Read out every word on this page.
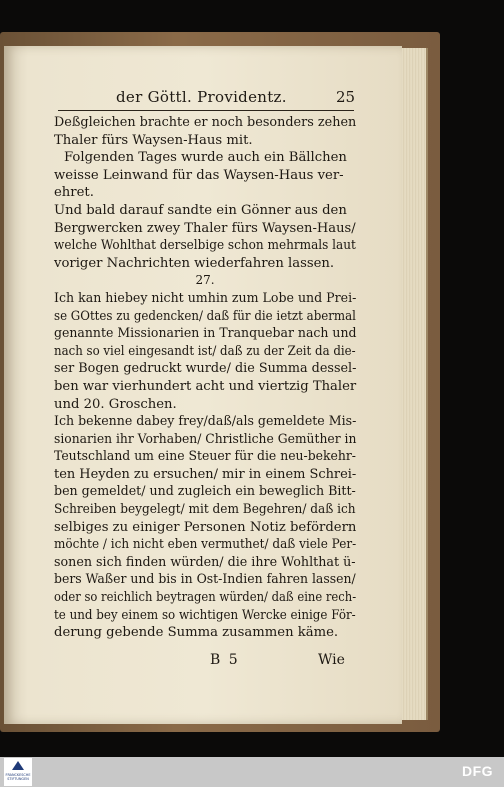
der Göttl. Providentz.	25
Deßgleichen brachte er noch besonders zehen
Thaler fürs Waysen-Haus mit.
Folgenden Tages wurde auch ein Bällchen
weisse Leinwand für das Waysen-Haus ver-
ehret.
Und bald darauf sandte ein Gönner aus den
Bergwercken zwey Thaler fürs Waysen-Haus/
welche Wohlthat derselbige schon mehrmals laut
voriger Nachrichten wiederfahren lassen.
27.
Ich kan hiebey nicht umhin zum Lobe und Prei-
se GOttes zu gedencken/ daß für die ietzt abermal
genannte Missionarien in Tranquebar nach und
nach so viel eingesandt ist/ daß zu der Zeit da die-
ser Bogen gedruckt wurde/ die Summa dessel-
ben war vierhundert acht und viertzig Thaler
und 20. Groschen.
Ich bekenne dabey frey/daß/als gemeldete Mis-
sionarien ihr Vorhaben/ Christliche Gemüther in
Teutschland um eine Steuer für die neu-bekehr-
ten Heyden zu ersuchen/ mir in einem Schrei-
ben gemeldet/ und zugleich ein beweglich Bitt-
Schreiben beygelegt/ mit dem Begehren/ daß ich
selbiges zu einiger Personen Notiz befördern
möchte / ich nicht eben vermuthet/ daß viele Per-
sonen sich finden würden/ die ihre Wohlthat ü-
bers Waßer und bis in Ost-Indien fahren lassen/
oder so reichlich beytragen würden/ daß eine rech-
te und bey einem so wichtigen Wercke einige För-
derung gebende Summa zusammen käme.
B 5	Wie
FRANCKESCHE STIFTUNGEN	DFG
